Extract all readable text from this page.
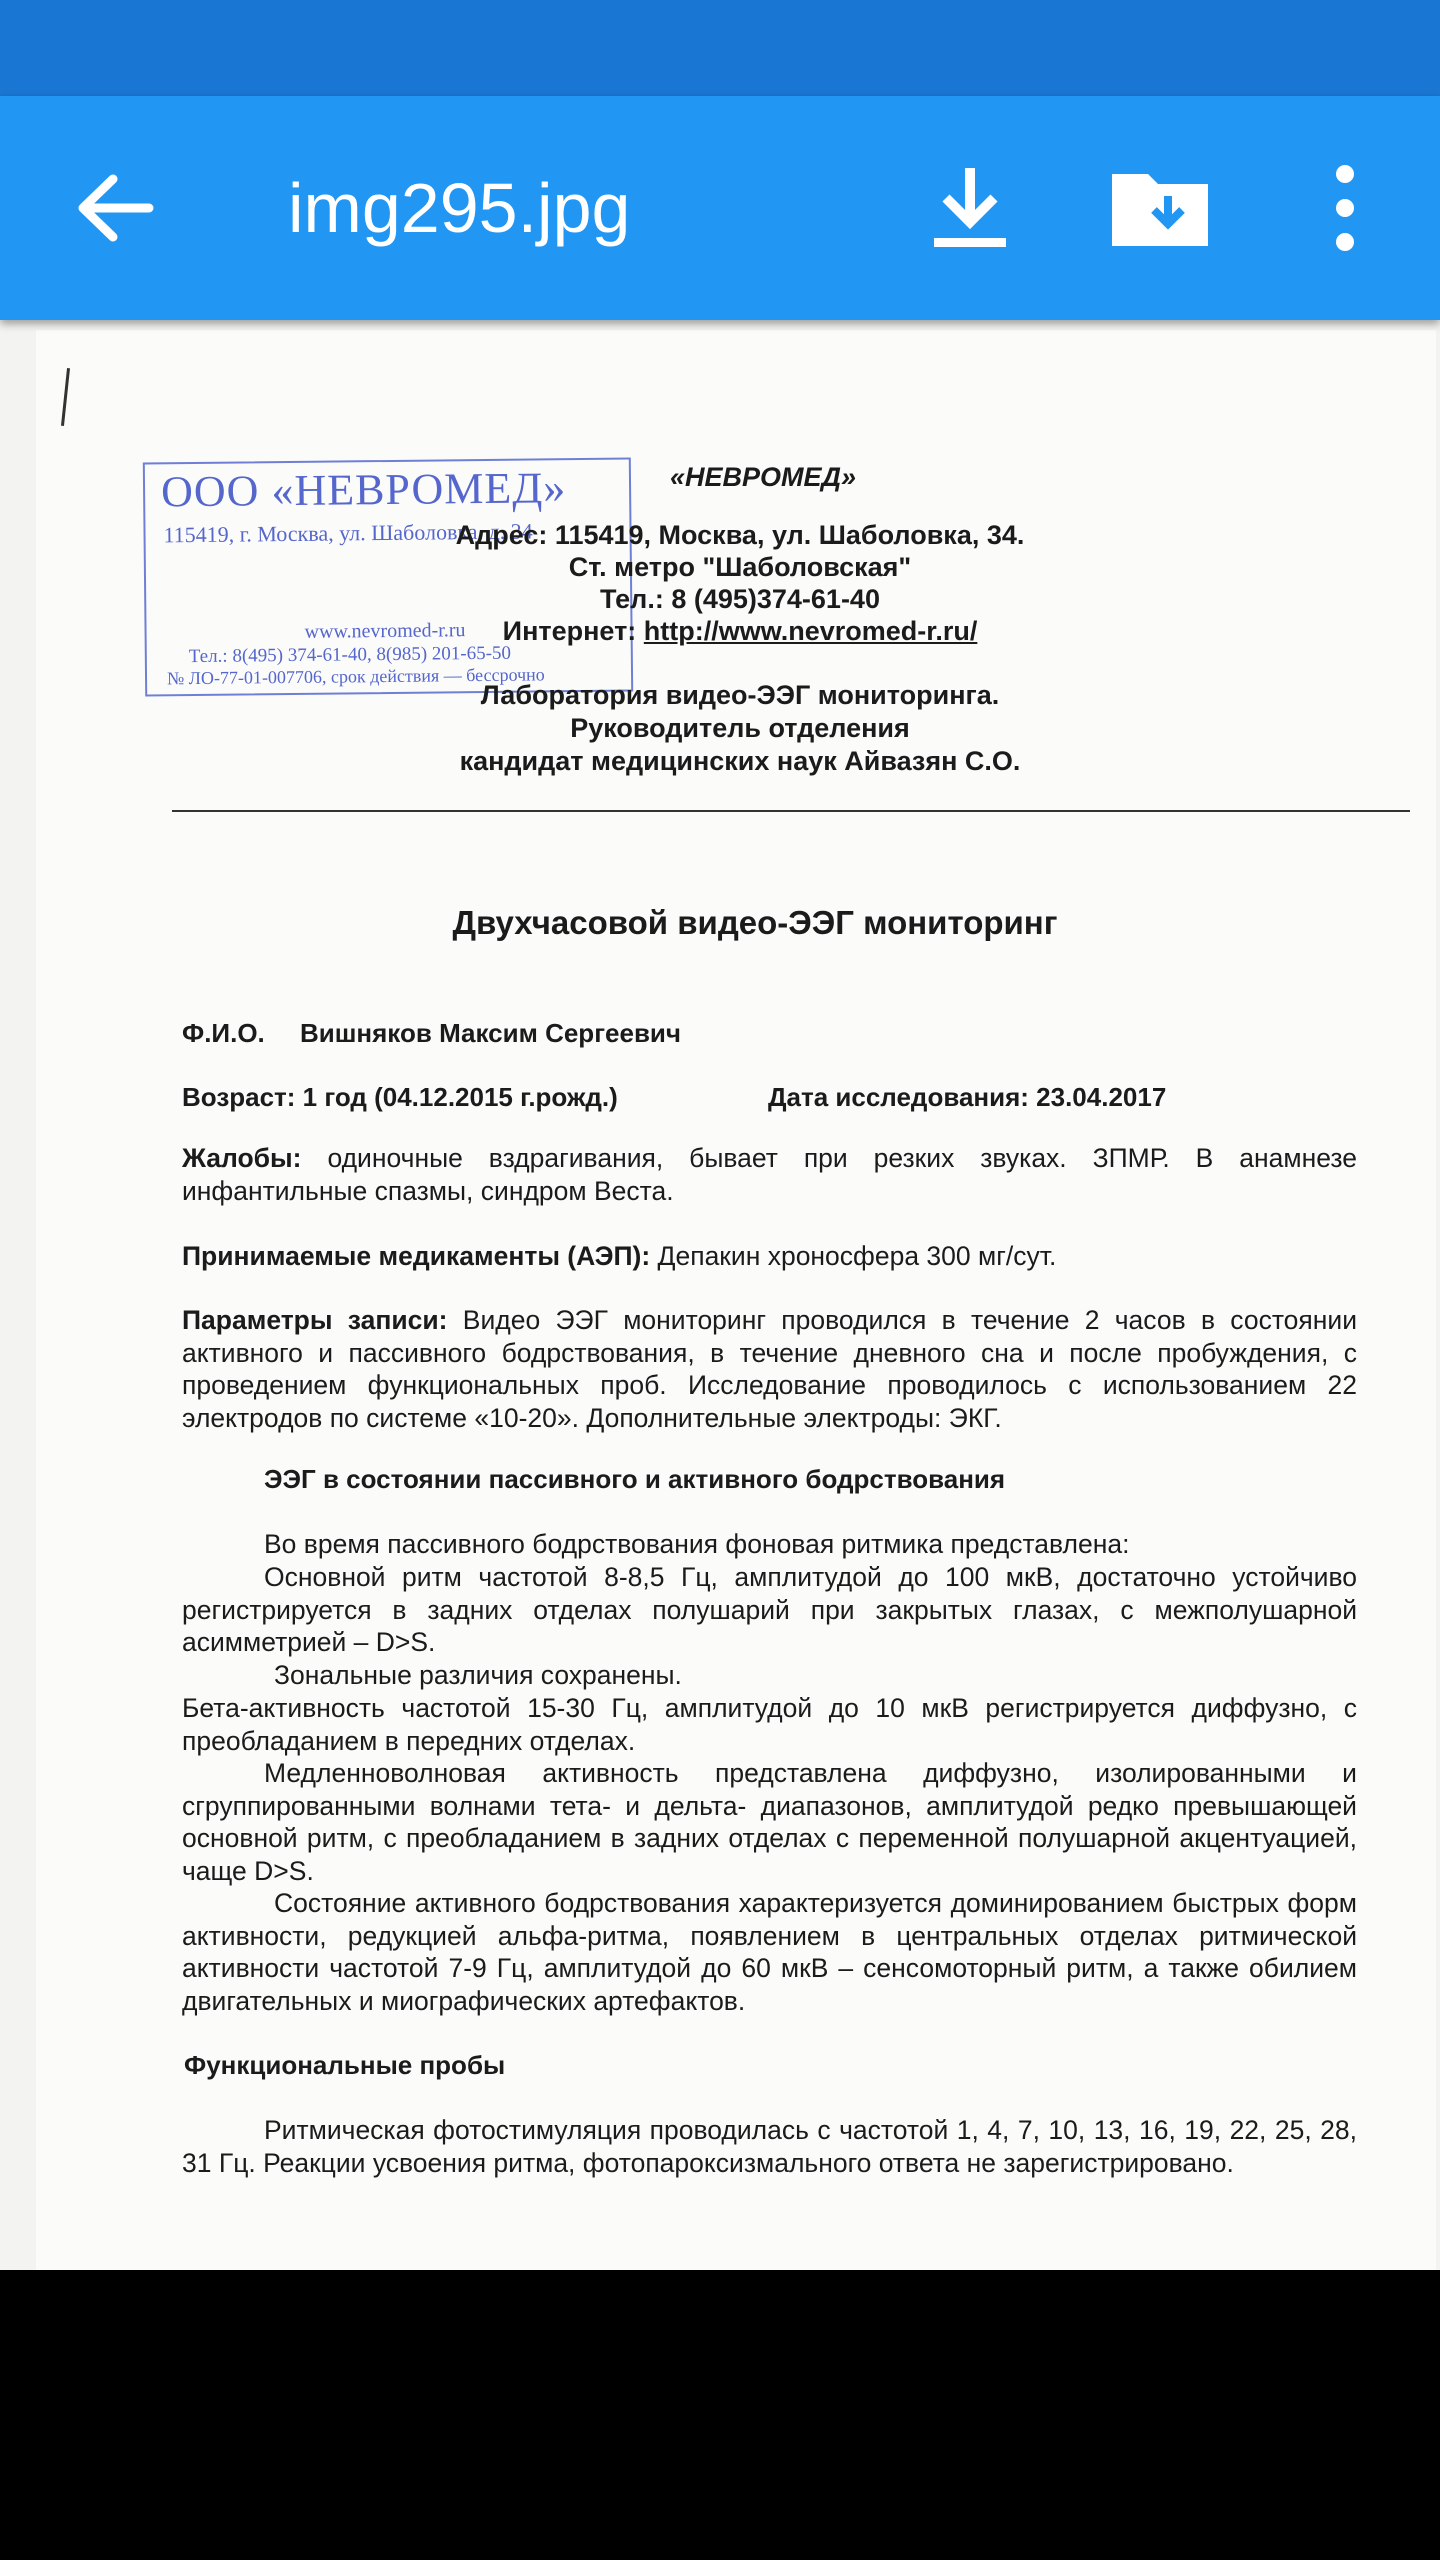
img295.jpg
ООО «НЕВРОМЕД»
115419, г. Москва, ул. Шаболовка, д. 34
www.nevromed-r.ru
Тел.: 8(495) 374-61-40, 8(985) 201-65-50
№ ЛО-77-01-007706, срок действия — бессрочно
«НЕВРОМЕД»
Адрес: 115419, Москва, ул. Шаболовка, 34.
Ст. метро "Шаболовская"
Тел.: 8 (495)374-61-40
Интернет: http://www.nevromed-r.ru/
Лаборатория видео-ЭЭГ мониторинга.
Руководитель отделения
кандидат медицинских наук Айвазян С.О.
Двухчасовой видео-ЭЭГ мониторинг
Ф.И.О. Вишняков Максим Сергеевич
Возраст: 1 год (04.12.2015 г.рожд.)	Дата исследования: 23.04.2017
Жалобы: одиночные вздрагивания, бывает при резких звуках. ЗПМР. В анамнезе инфантильные спазмы, синдром Веста.
Принимаемые медикаменты (АЭП): Депакин хроносфера 300 мг/сут.
Параметры записи: Видео ЭЭГ мониторинг проводился в течение 2 часов в состоянии активного и пассивного бодрствования, в течение дневного сна и после пробуждения, с проведением функциональных проб. Исследование проводилось с использованием 22 электродов по системе «10-20». Дополнительные электроды: ЭКГ.
ЭЭГ в состоянии пассивного и активного бодрствования
Во время пассивного бодрствования фоновая ритмика представлена:
Основной ритм частотой 8-8,5 Гц, амплитудой до 100 мкВ, достаточно устойчиво регистрируется в задних отделах полушарий при закрытых глазах, с межполушарной асимметрией – D>S.
Зональные различия сохранены.
Бета-активность частотой 15-30 Гц, амплитудой до 10 мкВ регистрируется диффузно, с преобладанием в передних отделах.
Медленноволновая активность представлена диффузно, изолированными и сгруппированными волнами тета- и дельта- диапазонов, амплитудой редко превышающей основной ритм, с преобладанием в задних отделах с переменной полушарной акцентуацией, чаще D>S.
Состояние активного бодрствования характеризуется доминированием быстрых форм активности, редукцией альфа-ритма, появлением в центральных отделах ритмической активности частотой 7-9 Гц, амплитудой до 60 мкВ – сенсомоторный ритм, а также обилием двигательных и миографических артефактов.
Функциональные пробы
Ритмическая фотостимуляция проводилась с частотой 1, 4, 7, 10, 13, 16, 19, 22, 25, 28, 31 Гц. Реакции усвоения ритма, фотопароксизмального ответа не зарегистрировано.
